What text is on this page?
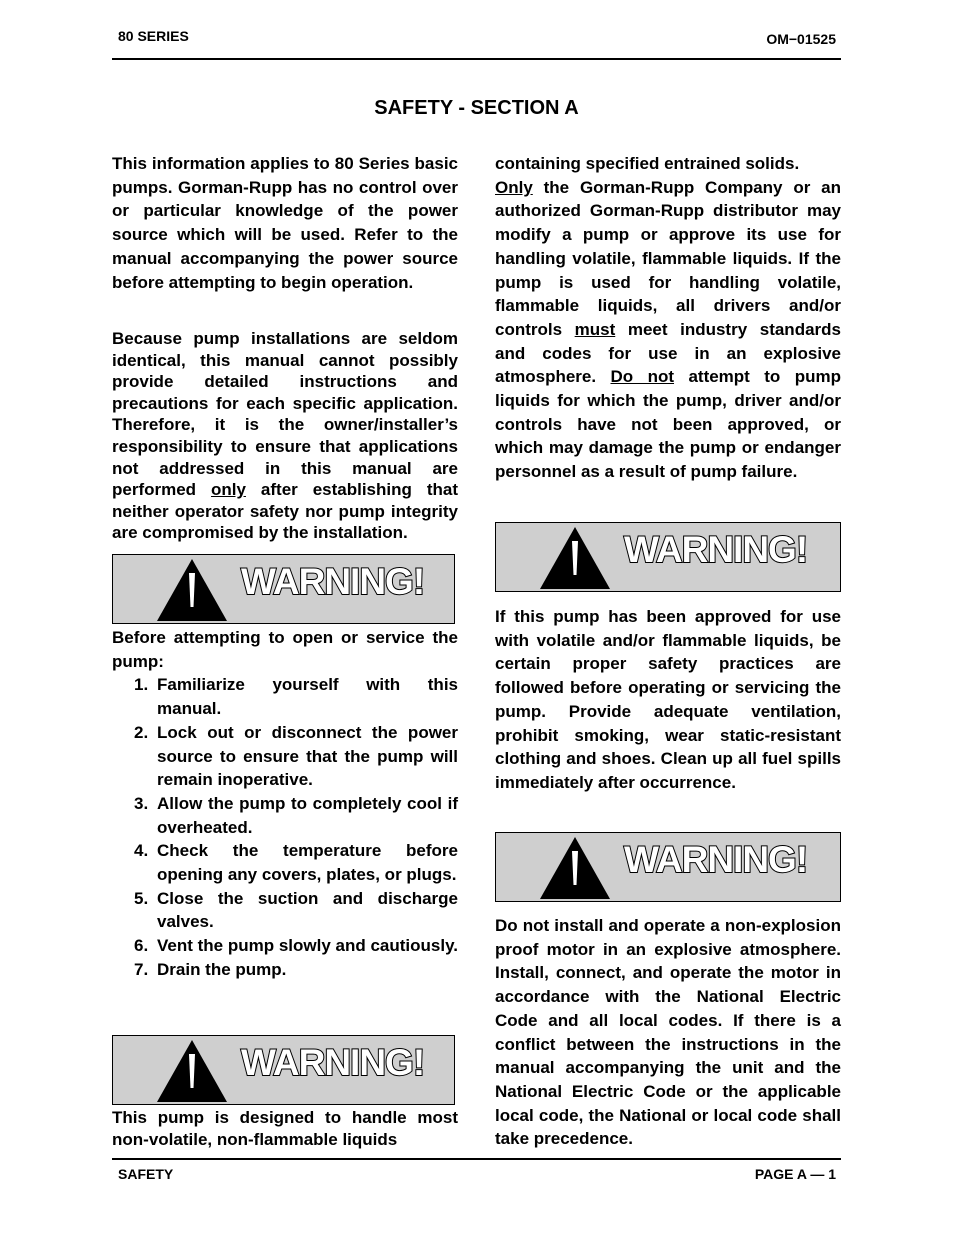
80 SERIES	OM−01525
SAFETY - SECTION A

This information applies to 80 Series basic pumps. Gorman-Rupp has no control over or particular knowledge of the power source which will be used. Refer to the manual accompanying the power source before attempting to begin operation.

Because pump installations are seldom identical, this manual cannot possibly provide detailed instructions and precautions for each specific application. Therefore, it is the owner/installer’s responsibility to ensure that applications not addressed in this manual are performed only after establishing that neither operator safety nor pump integrity are compromised by the installation.

WARNING!

Before attempting to open or service the pump:

1. Familiarize yourself with this manual.
2. Lock out or disconnect the power source to ensure that the pump will remain inoperative.
3. Allow the pump to completely cool if overheated.
4. Check the temperature before opening any covers, plates, or plugs.
5. Close the suction and discharge valves.
6. Vent the pump slowly and cautiously.
7. Drain the pump.
WARNING!

This pump is designed to handle most non-volatile, non-flammable liquids

containing specified entrained solids.
Only the Gorman-Rupp Company or an authorized Gorman-Rupp distributor may modify a pump or approve its use for handling volatile, flammable liquids. If the pump is used for handling volatile, flammable liquids, all drivers and/or controls must meet industry standards and codes for use in an explosive atmosphere. Do not attempt to pump liquids for which the pump, driver and/or controls have not been approved, or which may damage the pump or endanger personnel as a result of pump failure.

WARNING!

If this pump has been approved for use with volatile and/or flammable liquids, be certain proper safety practices are followed before operating or servicing the pump. Provide adequate ventilation, prohibit smoking, wear static-resistant clothing and shoes. Clean up all fuel spills immediately after occurrence.

WARNING!

Do not install and operate a non-explosion proof motor in an explosive atmosphere. Install, connect, and operate the motor in accordance with the National Electric Code and all local codes. If there is a conflict between the instructions in the manual accompanying the unit and the National Electric Code or the applicable local code, the National or local code shall take precedence.

SAFETY	PAGE A — 1
